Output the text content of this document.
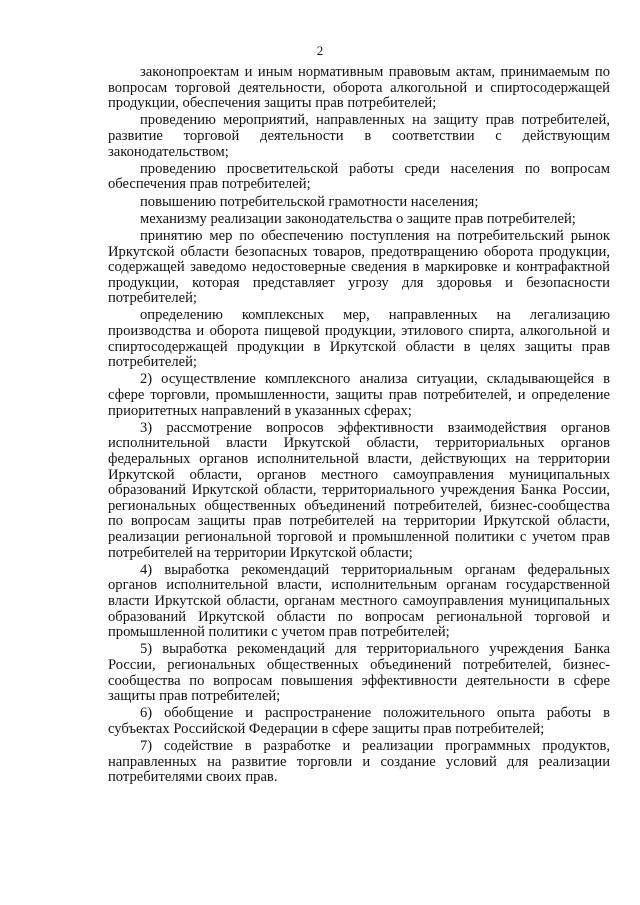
2

законопроектам и иным нормативным правовым актам, принимаемым по вопросам торговой деятельности, оборота алкогольной и спиртосодержащей продукции, обеспечения защиты прав потребителей;

проведению мероприятий, направленных на защиту прав потребителей, развитие торговой деятельности в соответствии с действующим законодательством;

проведению просветительской работы среди населения по вопросам обеспечения прав потребителей;

повышению потребительской грамотности населения;

механизму реализации законодательства о защите прав потребителей;

принятию мер по обеспечению поступления на потребительский рынок Иркутской области безопасных товаров, предотвращению оборота продукции, содержащей заведомо недостоверные сведения в маркировке и контрафактной продукции, которая представляет угрозу для здоровья и безопасности потребителей;

определению комплексных мер, направленных на легализацию производства и оборота пищевой продукции, этилового спирта, алкогольной и спиртосодержащей продукции в Иркутской области в целях защиты прав потребителей;

2) осуществление комплексного анализа ситуации, складывающейся в сфере торговли, промышленности, защиты прав потребителей, и определение приоритетных направлений в указанных сферах;

3) рассмотрение вопросов эффективности взаимодействия органов исполнительной власти Иркутской области, территориальных органов федеральных органов исполнительной власти, действующих на территории Иркутской области, органов местного самоуправления муниципальных образований Иркутской области, территориального учреждения Банка России, региональных общественных объединений потребителей, бизнес-сообщества по вопросам защиты прав потребителей на территории Иркутской области, реализации региональной торговой и промышленной политики с учетом прав потребителей на территории Иркутской области;

4) выработка рекомендаций территориальным органам федеральных органов исполнительной власти, исполнительным органам государственной власти Иркутской области, органам местного самоуправления муниципальных образований Иркутской области по вопросам региональной торговой и промышленной политики с учетом прав потребителей;

5) выработка рекомендаций для территориального учреждения Банка России, региональных общественных объединений потребителей, бизнес-сообщества по вопросам повышения эффективности деятельности в сфере защиты прав потребителей;

6) обобщение и распространение положительного опыта работы в субъектах Российской Федерации в сфере защиты прав потребителей;

7) содействие в разработке и реализации программных продуктов, направленных на развитие торговли и создание условий для реализации потребителями своих прав.
